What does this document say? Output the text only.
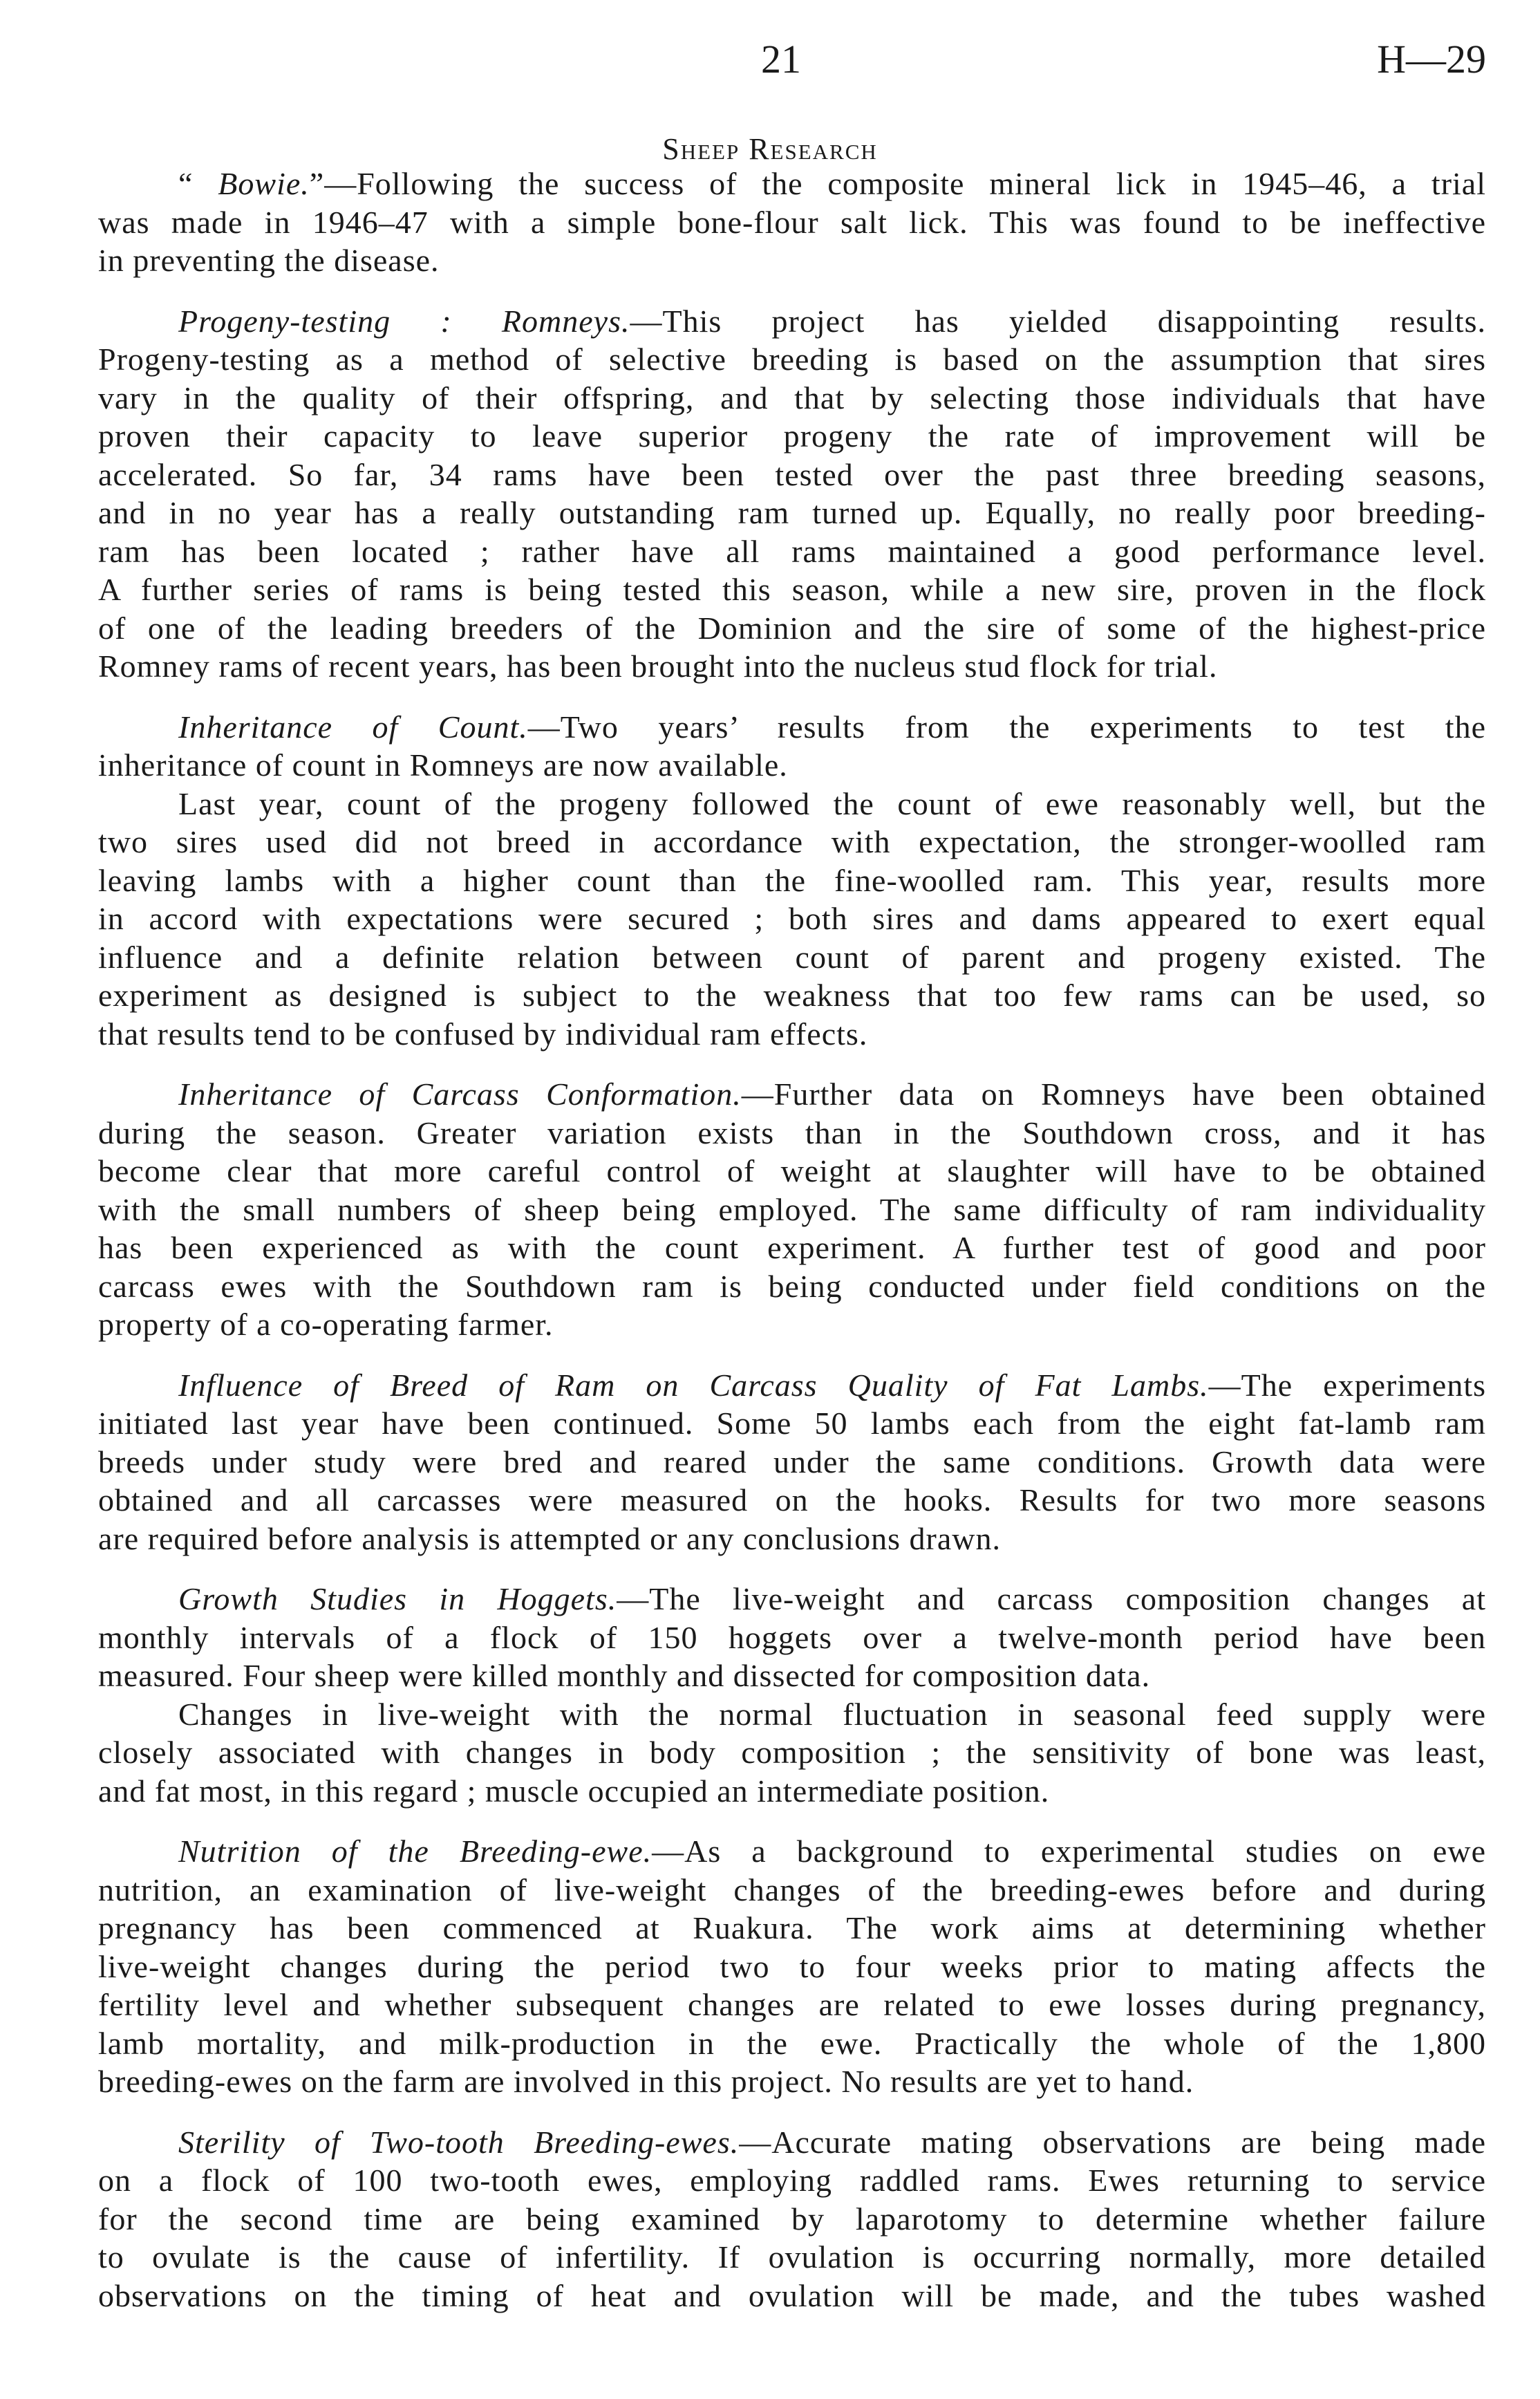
21	H—29
Sheep Research
“ Bowie.”—Following the success of the composite mineral lick in 1945–46, a trial
was made in 1946–47 with a simple bone-flour salt lick. This was found to be ineffective
in preventing the disease.
Progeny-testing : Romneys.—This project has yielded disappointing results.
Progeny-testing as a method of selective breeding is based on the assumption that sires
vary in the quality of their offspring, and that by selecting those individuals that have
proven their capacity to leave superior progeny the rate of improvement will be
accelerated. So far, 34 rams have been tested over the past three breeding seasons,
and in no year has a really outstanding ram turned up. Equally, no really poor breeding-
ram has been located ; rather have all rams maintained a good performance level.
A further series of rams is being tested this season, while a new sire, proven in the flock
of one of the leading breeders of the Dominion and the sire of some of the highest-price
Romney rams of recent years, has been brought into the nucleus stud flock for trial.
Inheritance of Count.—Two years’ results from the experiments to test the
inheritance of count in Romneys are now available.
Last year, count of the progeny followed the count of ewe reasonably well, but the
two sires used did not breed in accordance with expectation, the stronger-woolled ram
leaving lambs with a higher count than the fine-woolled ram. This year, results more
in accord with expectations were secured ; both sires and dams appeared to exert equal
influence and a definite relation between count of parent and progeny existed. The
experiment as designed is subject to the weakness that too few rams can be used, so
that results tend to be confused by individual ram effects.
Inheritance of Carcass Conformation.—Further data on Romneys have been obtained
during the season. Greater variation exists than in the Southdown cross, and it has
become clear that more careful control of weight at slaughter will have to be obtained
with the small numbers of sheep being employed. The same difficulty of ram individuality
has been experienced as with the count experiment. A further test of good and poor
carcass ewes with the Southdown ram is being conducted under field conditions on the
property of a co-operating farmer.
Influence of Breed of Ram on Carcass Quality of Fat Lambs.—The experiments
initiated last year have been continued. Some 50 lambs each from the eight fat-lamb ram
breeds under study were bred and reared under the same conditions. Growth data were
obtained and all carcasses were measured on the hooks. Results for two more seasons
are required before analysis is attempted or any conclusions drawn.
Growth Studies in Hoggets.—The live-weight and carcass composition changes at
monthly intervals of a flock of 150 hoggets over a twelve-month period have been
measured. Four sheep were killed monthly and dissected for composition data.
Changes in live-weight with the normal fluctuation in seasonal feed supply were
closely associated with changes in body composition ; the sensitivity of bone was least,
and fat most, in this regard ; muscle occupied an intermediate position.
Nutrition of the Breeding-ewe.—As a background to experimental studies on ewe
nutrition, an examination of live-weight changes of the breeding-ewes before and during
pregnancy has been commenced at Ruakura. The work aims at determining whether
live-weight changes during the period two to four weeks prior to mating affects the
fertility level and whether subsequent changes are related to ewe losses during pregnancy,
lamb mortality, and milk-production in the ewe. Practically the whole of the 1,800
breeding-ewes on the farm are involved in this project. No results are yet to hand.
Sterility of Two-tooth Breeding-ewes.—Accurate mating observations are being made
on a flock of 100 two-tooth ewes, employing raddled rams. Ewes returning to service
for the second time are being examined by laparotomy to determine whether failure
to ovulate is the cause of infertility. If ovulation is occurring normally, more detailed
observations on the timing of heat and ovulation will be made, and the tubes washed
